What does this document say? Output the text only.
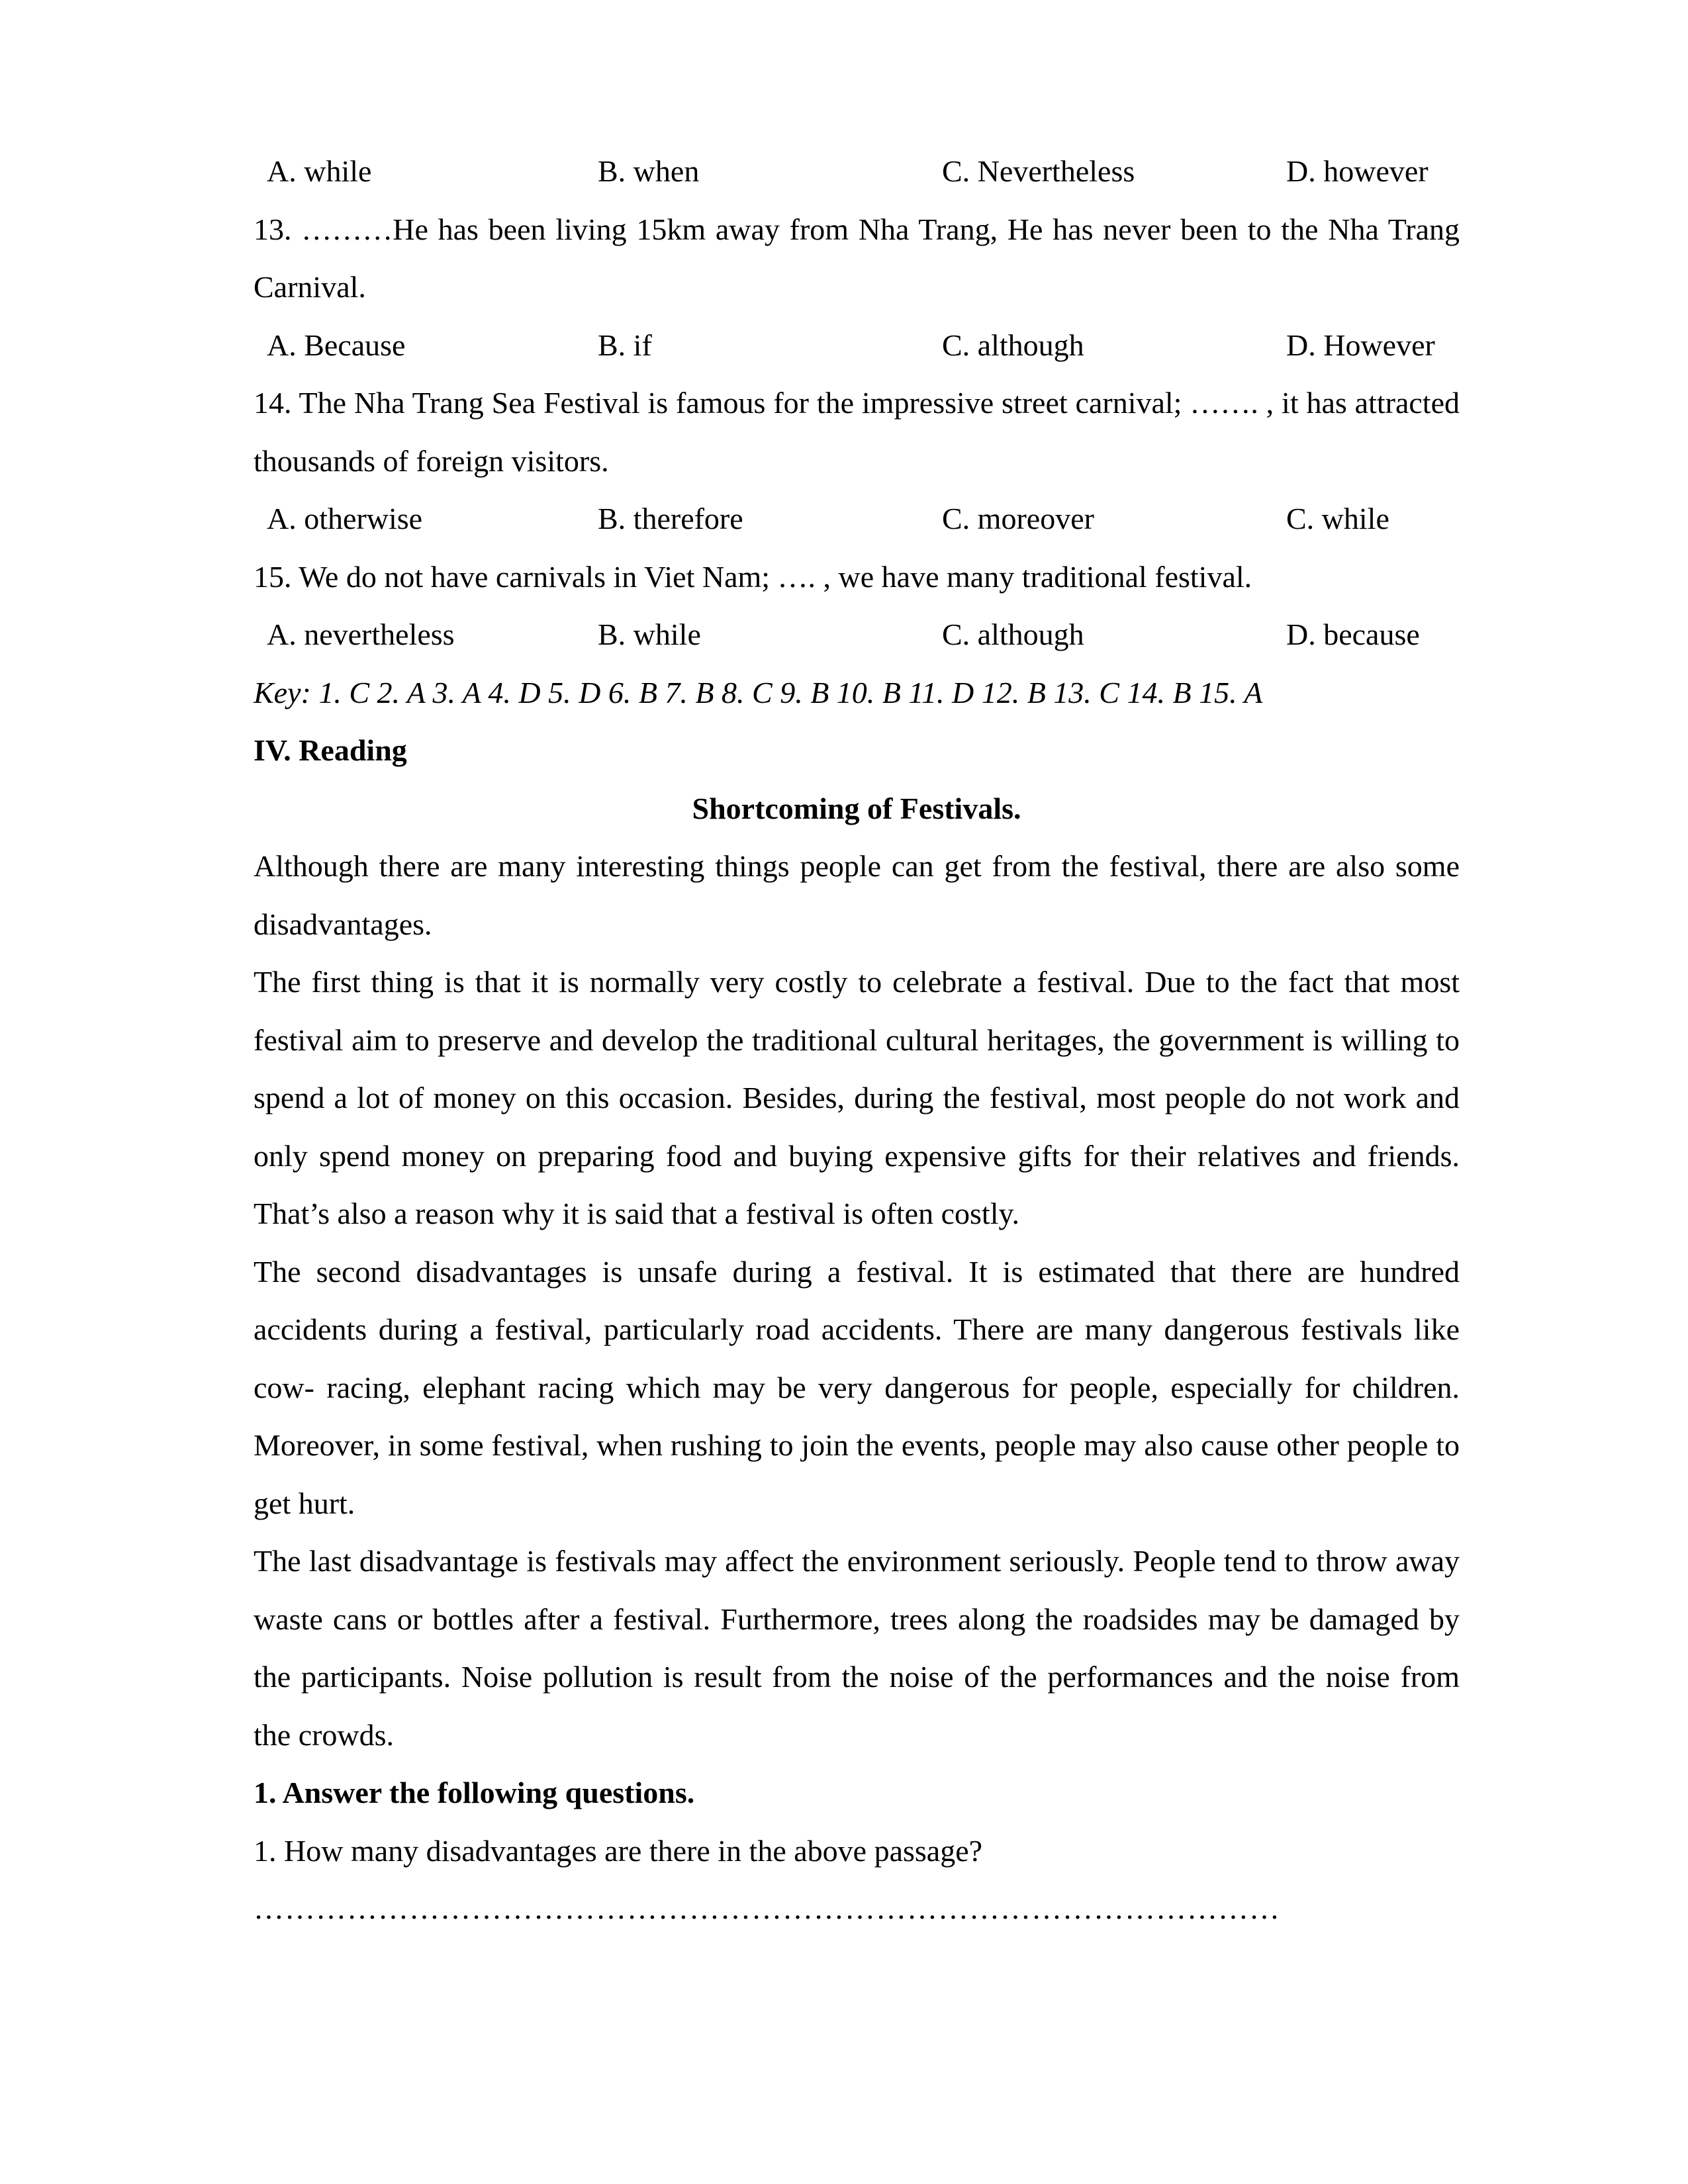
A. while	B. when	C. Nevertheless	D. however
13. ………He has been living 15km away from Nha Trang, He has never been to the Nha Trang Carnival.
A. Because	B. if	C. although	D. However
14. The Nha Trang Sea Festival is famous for the impressive street carnival; ……. , it has attracted thousands of foreign visitors.
A. otherwise	B. therefore	C. moreover	C. while
15. We do not have carnivals in Viet Nam; …. , we have many traditional festival.
A. nevertheless	B. while	C. although	D. because
Key: 1. C 2. A 3. A 4. D 5. D 6. B 7. B 8. C 9. B 10. B 11. D 12. B 13. C 14. B 15. A
IV. Reading
Shortcoming of Festivals.
Although there are many interesting things people can get from the festival, there are also some disadvantages.
The first thing is that it is normally very costly to celebrate a festival. Due to the fact that most festival aim to preserve and develop the traditional cultural heritages, the government is willing to spend a lot of money on this occasion. Besides, during the festival, most people do not work and only spend money on preparing food and buying expensive gifts for their relatives and friends. That’s also a reason why it is said that a festival is often costly.
The second disadvantages is unsafe during a festival. It is estimated that there are hundred accidents during a festival, particularly road accidents. There are many dangerous festivals like cow- racing, elephant racing which may be very dangerous for people, especially for children. Moreover, in some festival, when rushing to join the events, people may also cause other people to get hurt.
The last disadvantage is festivals may affect the environment seriously. People tend to throw away waste cans or bottles after a festival. Furthermore, trees along the roadsides may be damaged by the participants. Noise pollution is result from the noise of the performances and the noise from the crowds.
1. Answer the following questions.
1. How many disadvantages are there in the above passage?
………………………………………………………………………………………
